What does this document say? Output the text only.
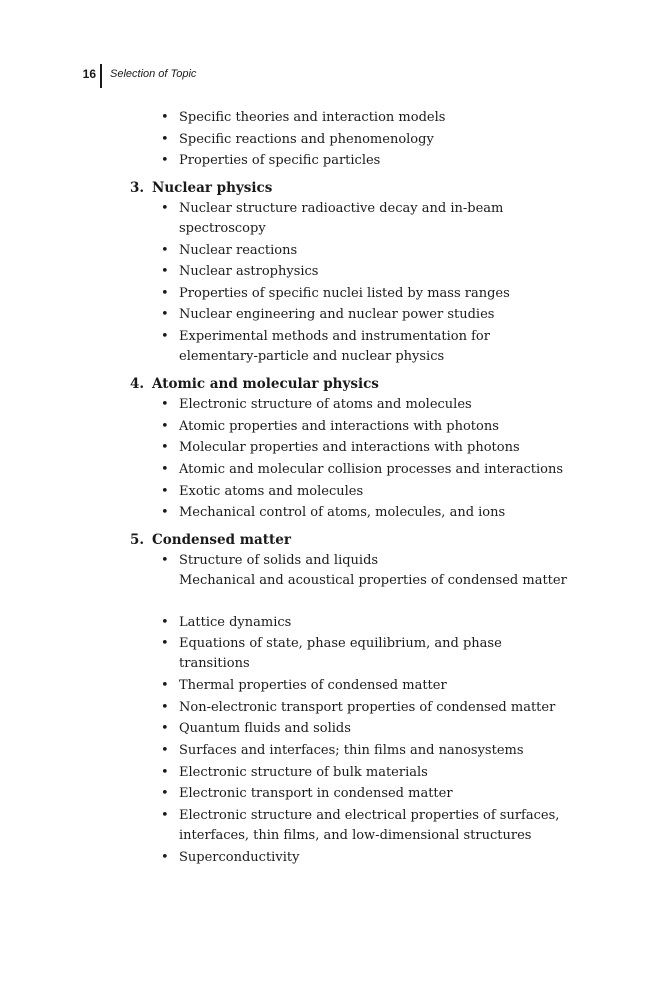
16 Selection of Topic
• Specific theories and interaction models
• Specific reactions and phenomenology
• Properties of specific particles
3. Nuclear physics
• Nuclear structure radioactive decay and in-beam spectroscopy
• Nuclear reactions
• Nuclear astrophysics
• Properties of specific nuclei listed by mass ranges
• Nuclear engineering and nuclear power studies
• Experimental methods and instrumentation for elementary-particle and nuclear physics
4. Atomic and molecular physics
• Electronic structure of atoms and molecules
• Atomic properties and interactions with photons
• Molecular properties and interactions with photons
• Atomic and molecular collision processes and interactions
• Exotic atoms and molecules
• Mechanical control of atoms, molecules, and ions
5. Condensed matter
• Structure of solids and liquids
Mechanical and acoustical properties of condensed matter
• Lattice dynamics
• Equations of state, phase equilibrium, and phase transitions
• Thermal properties of condensed matter
• Non-electronic transport properties of condensed matter
• Quantum fluids and solids
• Surfaces and interfaces; thin films and nanosystems
• Electronic structure of bulk materials
• Electronic transport in condensed matter
• Electronic structure and electrical properties of surfaces, interfaces, thin films, and low-dimensional structures
• Superconductivity
